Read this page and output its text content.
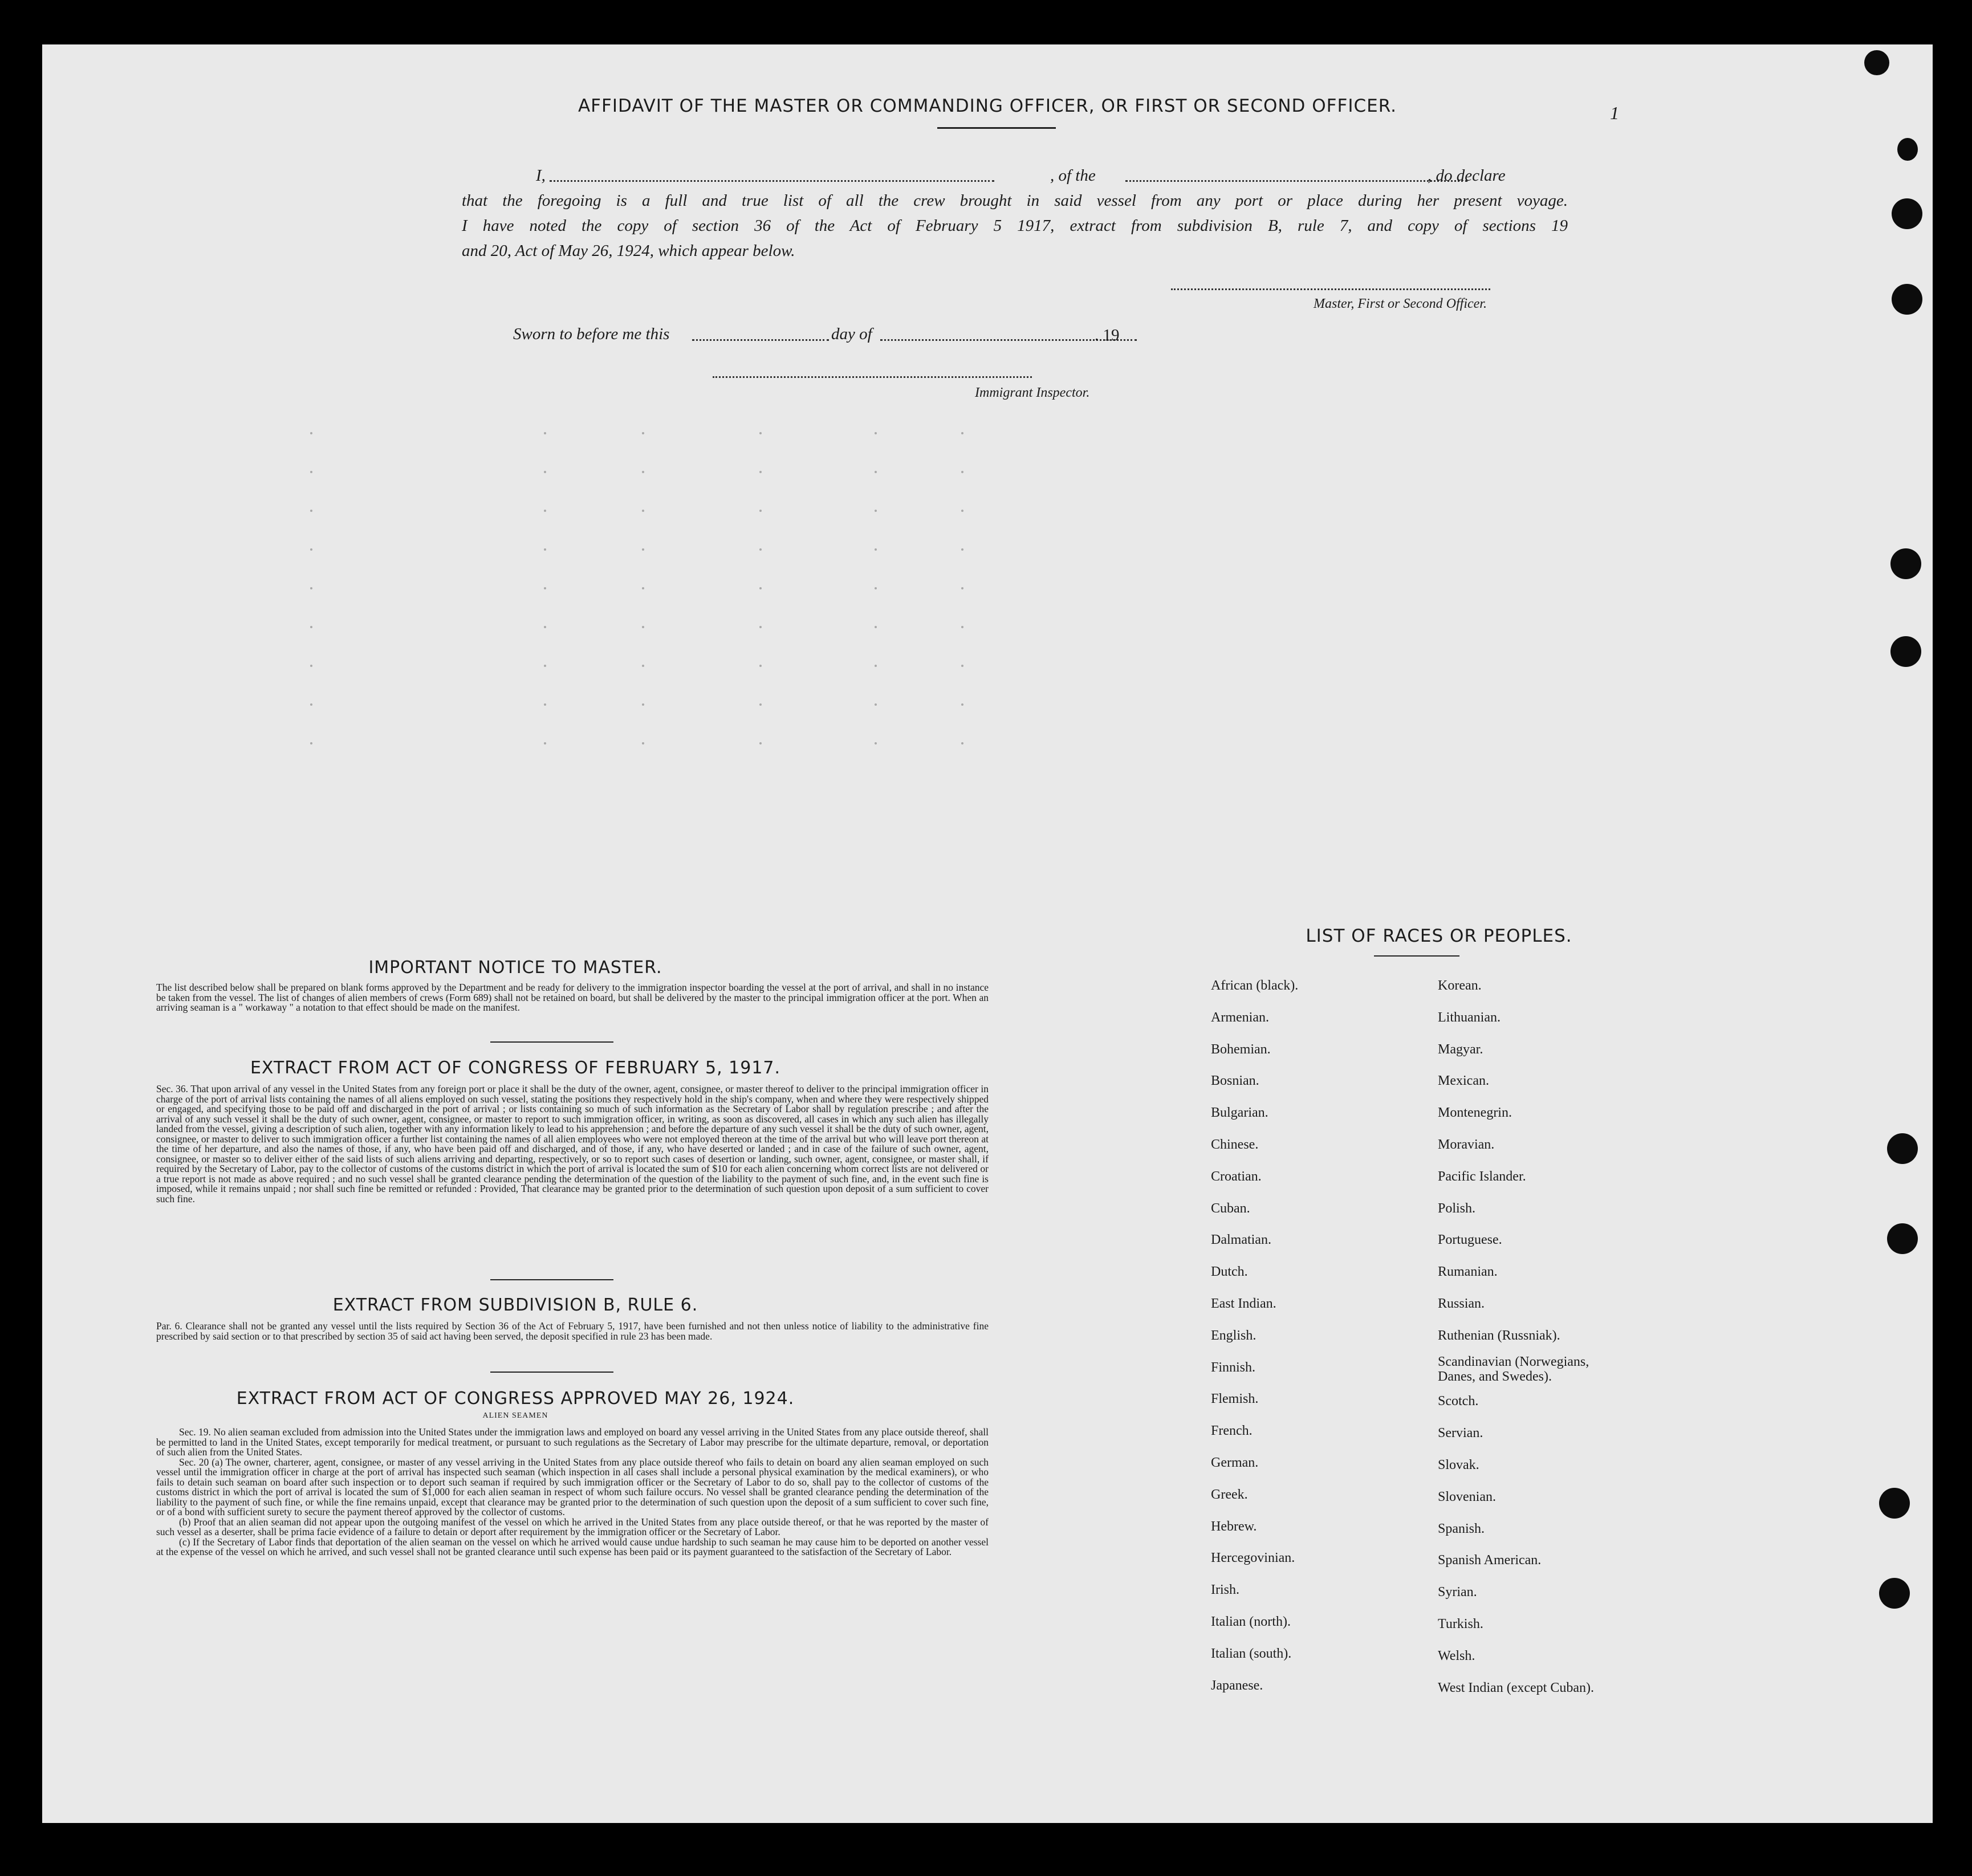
AFFIDAVIT OF THE MASTER OR COMMANDING OFFICER, OR FIRST OR SECOND OFFICER.	1
I,	, of the	, do declare
that the foregoing is a full and true list of all the crew brought in said vessel from any port or place during her present voyage.
I have noted the copy of section 36 of the Act of February 5 1917, extract from subdivision B, rule 7, and copy of sections 19
and 20, Act of May 26, 1924, which appear below.
Master, First or Second Officer.
Sworn to before me this	day of	. 19
Immigrant Inspector.
IMPORTANT NOTICE TO MASTER.

The list described below shall be prepared on blank forms approved by the Department and be ready for delivery to the immigration inspector boarding the vessel at the port of arrival, and shall in no instance be taken from the vessel. The list of changes of alien members of crews (Form 689) shall not be retained on board, but shall be delivered by the master to the principal immigration officer at the port. When an arriving seaman is a " workaway " a notation to that effect should be made on the manifest.

EXTRACT FROM ACT OF CONGRESS OF FEBRUARY 5, 1917.

Sec. 36. That upon arrival of any vessel in the United States from any foreign port or place it shall be the duty of the owner, agent, consignee, or master thereof to deliver to the principal immigration officer in charge of the port of arrival lists containing the names of all aliens employed on such vessel, stating the positions they respectively hold in the ship's company, when and where they were respectively shipped or engaged, and specifying those to be paid off and discharged in the port of arrival ; or lists containing so much of such information as the Secretary of Labor shall by regulation prescribe ; and after the arrival of any such vessel it shall be the duty of such owner, agent, consignee, or master to report to such immigration officer, in writing, as soon as discovered, all cases in which any such alien has illegally landed from the vessel, giving a description of such alien, together with any information likely to lead to his apprehension ; and before the departure of any such vessel it shall be the duty of such owner, agent, consignee, or master to deliver to such immigration officer a further list containing the names of all alien employees who were not employed thereon at the time of the arrival but who will leave port thereon at the time of her departure, and also the names of those, if any, who have been paid off and discharged, and of those, if any, who have deserted or landed ; and in case of the failure of such owner, agent, consignee, or master so to deliver either of the said lists of such aliens arriving and departing, respectively, or so to report such cases of desertion or landing, such owner, agent, consignee, or master shall, if required by the Secretary of Labor, pay to the collector of customs of the customs district in which the port of arrival is located the sum of $10 for each alien concerning whom correct lists are not delivered or a true report is not made as above required ; and no such vessel shall be granted clearance pending the determination of the question of the liability to the payment of such fine, and, in the event such fine is imposed, while it remains unpaid ; nor shall such fine be remitted or refunded : Provided, That clearance may be granted prior to the determination of such question upon deposit of a sum sufficient to cover such fine.

EXTRACT FROM SUBDIVISION B, RULE 6.

Par. 6. Clearance shall not be granted any vessel until the lists required by Section 36 of the Act of February 5, 1917, have been furnished and not then unless notice of liability to the administrative fine prescribed by said section or to that prescribed by section 35 of said act having been served, the deposit specified in rule 23 has been made.

EXTRACT FROM ACT OF CONGRESS APPROVED MAY 26, 1924.
ALIEN SEAMEN

Sec. 19. No alien seaman excluded from admission into the United States under the immigration laws and employed on board any vessel arriving in the United States from any place outside thereof, shall be permitted to land in the United States, except temporarily for medical treatment, or pursuant to such regulations as the Secretary of Labor may prescribe for the ultimate departure, removal, or deportation of such alien from the United States.

Sec. 20 (a) The owner, charterer, agent, consignee, or master of any vessel arriving in the United States from any place outside thereof who fails to detain on board any alien seaman employed on such vessel until the immigration officer in charge at the port of arrival has inspected such seaman (which inspection in all cases shall include a personal physical examination by the medical examiners), or who fails to detain such seaman on board after such inspection or to deport such seaman if required by such immigration officer or the Secretary of Labor to do so, shall pay to the collector of customs of the customs district in which the port of arrival is located the sum of $1,000 for each alien seaman in respect of whom such failure occurs. No vessel shall be granted clearance pending the determination of the liability to the payment of such fine, or while the fine remains unpaid, except that clearance may be granted prior to the determination of such question upon the deposit of a sum sufficient to cover such fine, or of a bond with sufficient surety to secure the payment thereof approved by the collector of customs.

(b) Proof that an alien seaman did not appear upon the outgoing manifest of the vessel on which he arrived in the United States from any place outside thereof, or that he was reported by the master of such vessel as a deserter, shall be prima facie evidence of a failure to detain or deport after requirement by the immigration officer or the Secretary of Labor.

(c) If the Secretary of Labor finds that deportation of the alien seaman on the vessel on which he arrived would cause undue hardship to such seaman he may cause him to be deported on another vessel at the expense of the vessel on which he arrived, and such vessel shall not be granted clearance until such expense has been paid or its payment guaranteed to the satisfaction of the Secretary of Labor.

LIST OF RACES OR PEOPLES.
African (black).
Armenian.
Bohemian.
Bosnian.
Bulgarian.
Chinese.
Croatian.
Cuban.
Dalmatian.
Dutch.
East Indian.
English.
Finnish.
Flemish.
French.
German.
Greek.
Hebrew.
Hercegovinian.
Irish.
Italian (north).
Italian (south).
Japanese.
Korean.
Lithuanian.
Magyar.
Mexican.
Montenegrin.
Moravian.
Pacific Islander.
Polish.
Portuguese.
Rumanian.
Russian.
Ruthenian (Russniak).
Scandinavian (Norwegians, Danes, and Swedes).
Scotch.
Servian.
Slovak.
Slovenian.
Spanish.
Spanish American.
Syrian.
Turkish.
Welsh.
West Indian (except Cuban).
